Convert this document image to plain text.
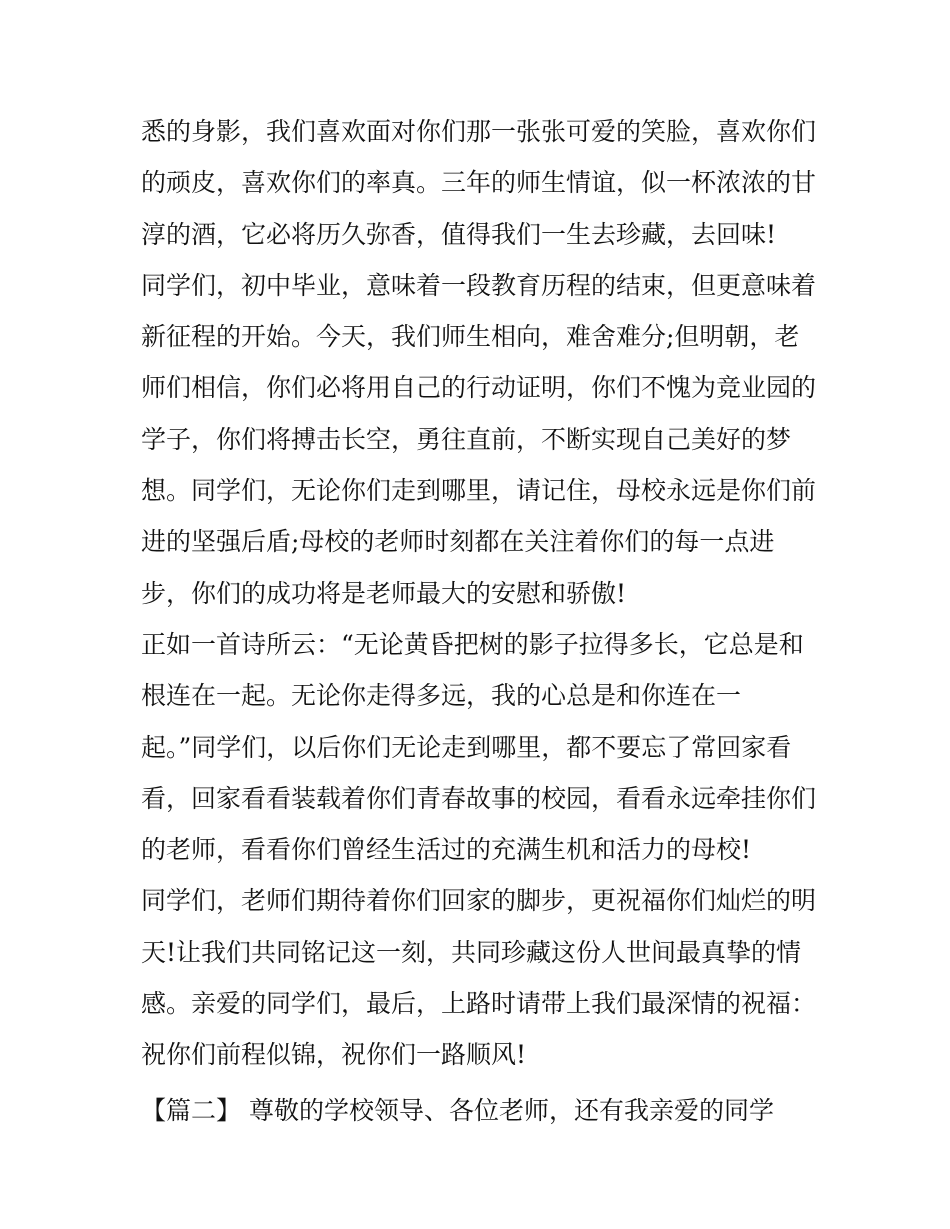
悉的身影，我们喜欢面对你们那一张张可爱的笑脸，喜欢你们
的顽皮，喜欢你们的率真。三年的师生情谊，似一杯浓浓的甘
淳的酒，它必将历久弥香，值得我们一生去珍藏，去回味!
同学们，初中毕业，意味着一段教育历程的结束，但更意味着
新征程的开始。今天，我们师生相向，难舍难分;但明朝，老
师们相信，你们必将用自己的行动证明，你们不愧为竞业园的
学子，你们将搏击长空，勇往直前，不断实现自己美好的梦
想。同学们，无论你们走到哪里，请记住，母校永远是你们前
进的坚强后盾;母校的老师时刻都在关注着你们的每一点进
步，你们的成功将是老师最大的安慰和骄傲!
正如一首诗所云：“无论黄昏把树的影子拉得多长，它总是和
根连在一起。无论你走得多远，我的心总是和你连在一
起。”同学们，以后你们无论走到哪里，都不要忘了常回家看
看，回家看看装载着你们青春故事的校园，看看永远牵挂你们
的老师，看看你们曾经生活过的充满生机和活力的母校!
同学们，老师们期待着你们回家的脚步，更祝福你们灿烂的明
天!让我们共同铭记这一刻，共同珍藏这份人世间最真挚的情
感。亲爱的同学们，最后，上路时请带上我们最深情的祝福：
祝你们前程似锦，祝你们一路顺风!
【篇二】 尊敬的学校领导、各位老师，还有我亲爱的同学
